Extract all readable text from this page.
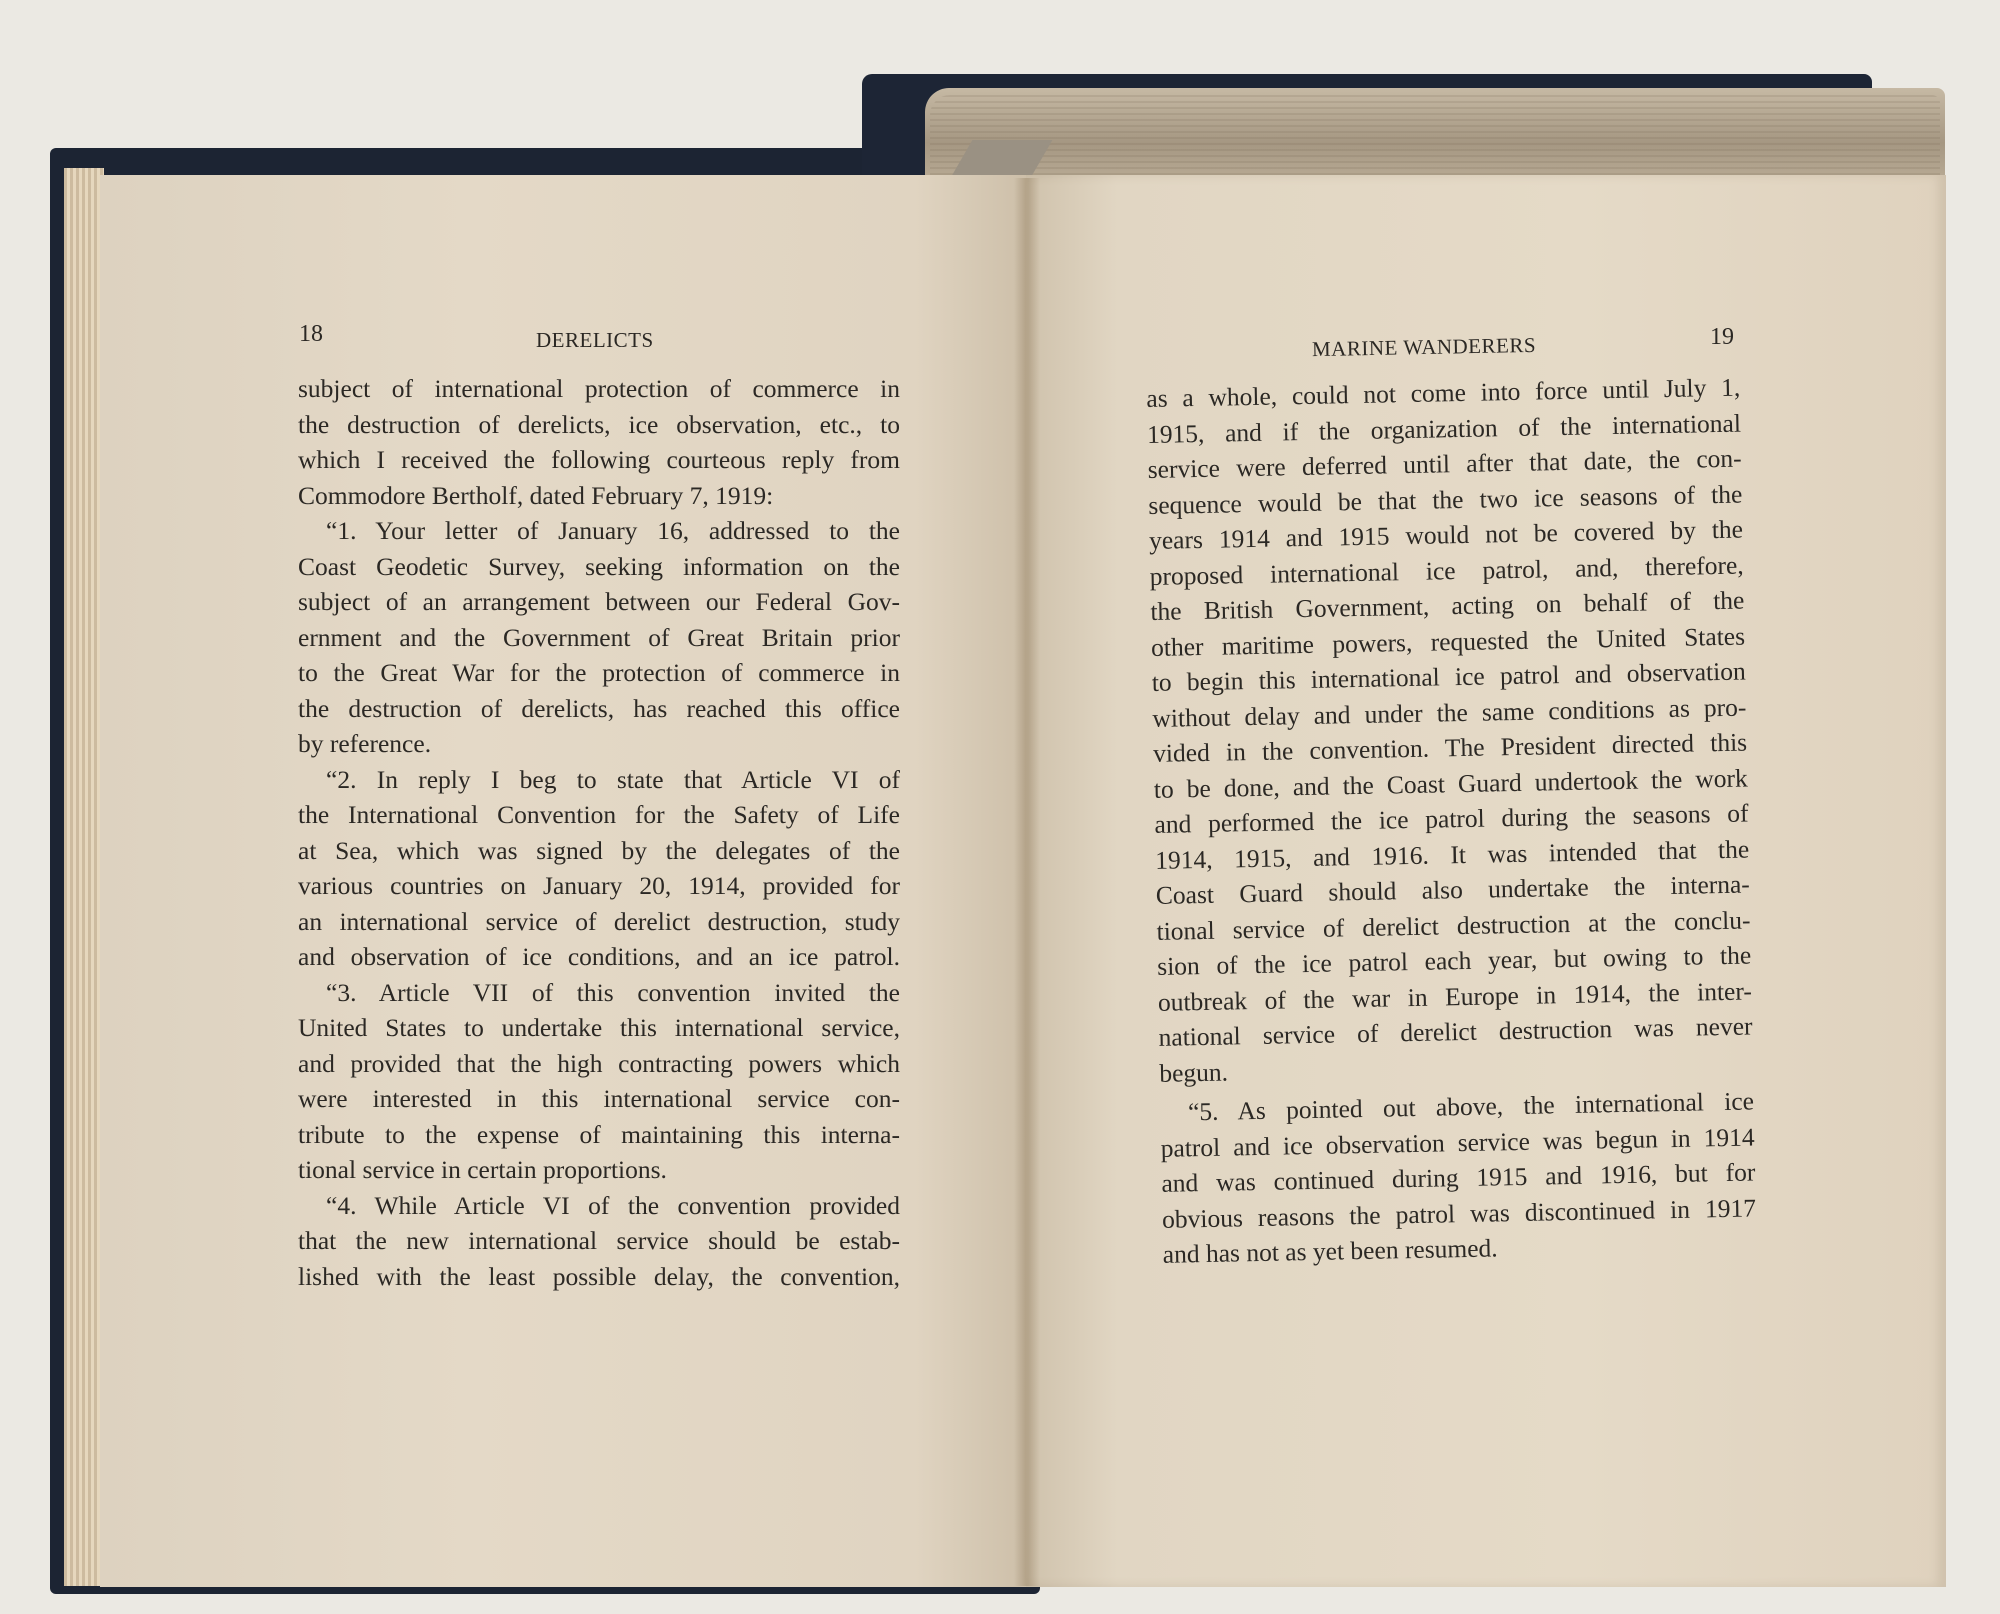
18	DERELICTS

subject of international protection of commerce in
the destruction of derelicts, ice observation, etc., to
which I received the following courteous reply from
Commodore Bertholf, dated February 7, 1919:

“1. Your letter of January 16, addressed to the
Coast Geodetic Survey, seeking information on the
subject of an arrangement between our Federal Gov-
ernment and the Government of Great Britain prior
to the Great War for the protection of commerce in
the destruction of derelicts, has reached this office
by reference.

“2. In reply I beg to state that Article VI of
the International Convention for the Safety of Life
at Sea, which was signed by the delegates of the
various countries on January 20, 1914, provided for
an international service of derelict destruction, study
and observation of ice conditions, and an ice patrol.

“3. Article VII of this convention invited the
United States to undertake this international service,
and provided that the high contracting powers which
were interested in this international service con-
tribute to the expense of maintaining this interna-
tional service in certain proportions.

“4. While Article VI of the convention provided
that the new international service should be estab-
lished with the least possible delay, the convention,

MARINE WANDERERS	19

as a whole, could not come into force until July 1,
1915, and if the organization of the international
service were deferred until after that date, the con-
sequence would be that the two ice seasons of the
years 1914 and 1915 would not be covered by the
proposed international ice patrol, and, therefore,
the British Government, acting on behalf of the
other maritime powers, requested the United States
to begin this international ice patrol and observation
without delay and under the same conditions as pro-
vided in the convention. The President directed this
to be done, and the Coast Guard undertook the work
and performed the ice patrol during the seasons of
1914, 1915, and 1916. It was intended that the
Coast Guard should also undertake the interna-
tional service of derelict destruction at the conclu-
sion of the ice patrol each year, but owing to the
outbreak of the war in Europe in 1914, the inter-
national service of derelict destruction was never
begun.

“5. As pointed out above, the international ice
patrol and ice observation service was begun in 1914
and was continued during 1915 and 1916, but for
obvious reasons the patrol was discontinued in 1917
and has not as yet been resumed.
